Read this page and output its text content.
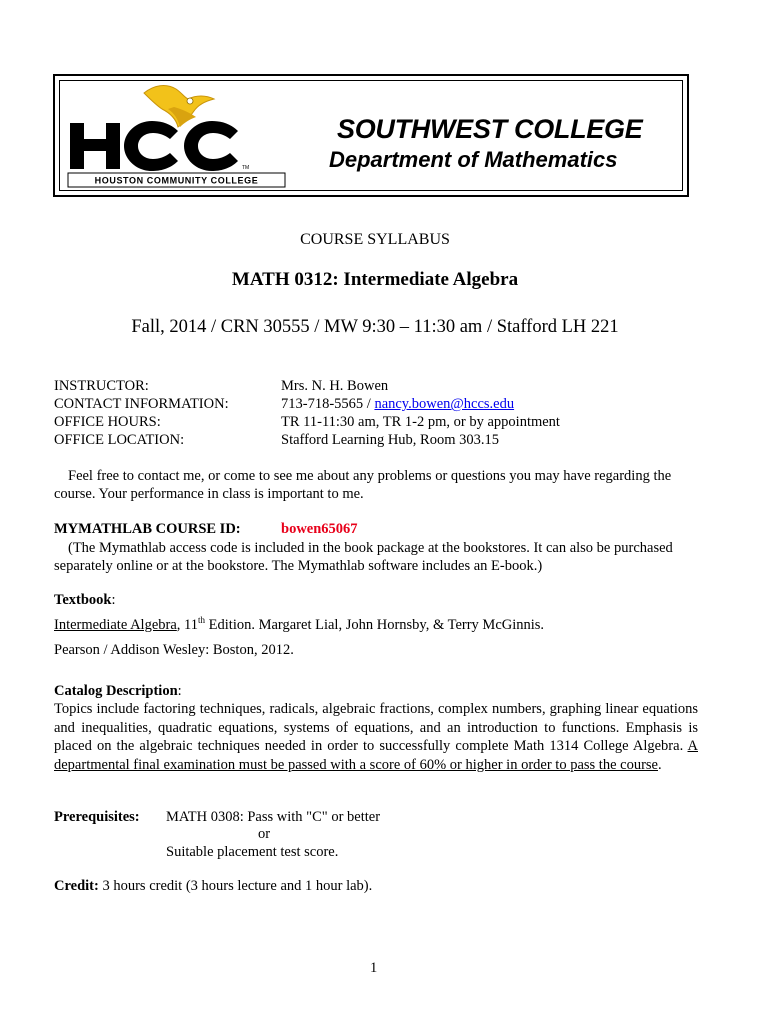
TM
HOUSTON COMMUNITY COLLEGE
SOUTHWEST COLLEGE
Department of Mathematics
COURSE SYLLABUS
MATH 0312: Intermediate Algebra
Fall, 2014 / CRN 30555 / MW 9:30 – 11:30 am / Stafford LH 221
INSTRUCTOR:	Mrs. N. H. Bowen
CONTACT INFORMATION:	713-718-5565 / nancy.bowen@hccs.edu
OFFICE HOURS:	TR 11-11:30 am, TR 1-2 pm, or by appointment
OFFICE LOCATION:	Stafford Learning Hub, Room 303.15
Feel free to contact me, or come to see me about any problems or questions you may have regarding the course. Your performance in class is important to me.
MYMATHLAB COURSE ID:	bowen65067
(The Mymathlab access code is included in the book package at the bookstores. It can also be purchased separately online or at the bookstore. The Mymathlab software includes an E-book.)
Textbook:
Intermediate Algebra, 11th Edition. Margaret Lial, John Hornsby, & Terry McGinnis.
Pearson / Addison Wesley: Boston, 2012.
Catalog Description:
Topics include factoring techniques, radicals, algebraic fractions, complex numbers, graphing linear equations and inequalities, quadratic equations, systems of equations, and an introduction to functions. Emphasis is placed on the algebraic techniques needed in order to successfully complete Math 1314 College Algebra. A departmental final examination must be passed with a score of 60% or higher in order to pass the course.
Prerequisites: MATH 0308: Pass with "C" or better
or
Suitable placement test score.
Credit: 3 hours credit (3 hours lecture and 1 hour lab).
1
